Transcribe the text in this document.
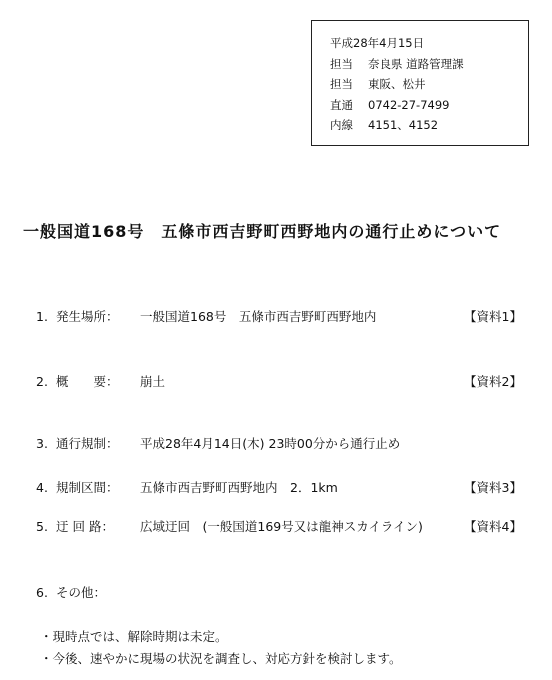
平成28年4月15日
担当 奈良県 道路管理課
担当 東阪、松井
直通 0742-27-7499
内線 4151、4152
一般国道168号　五條市西吉野町西野地内の通行止めについて
1. 発生場所： 一般国道168号　五條市西吉野町西野地内	【資料1】
2. 概　　要： 崩土	【資料2】
3. 通行規制： 平成28年4月14日(木) 23時00分から通行止め
4. 規制区間： 五條市西吉野町西野地内　2．1km	【資料3】
5. 迂 回 路： 広域迂回　(一般国道169号又は龍神スカイライン)	【資料4】
6. その他：
・現時点では、解除時期は未定。
・今後、速やかに現場の状況を調査し、対応方針を検討します。
